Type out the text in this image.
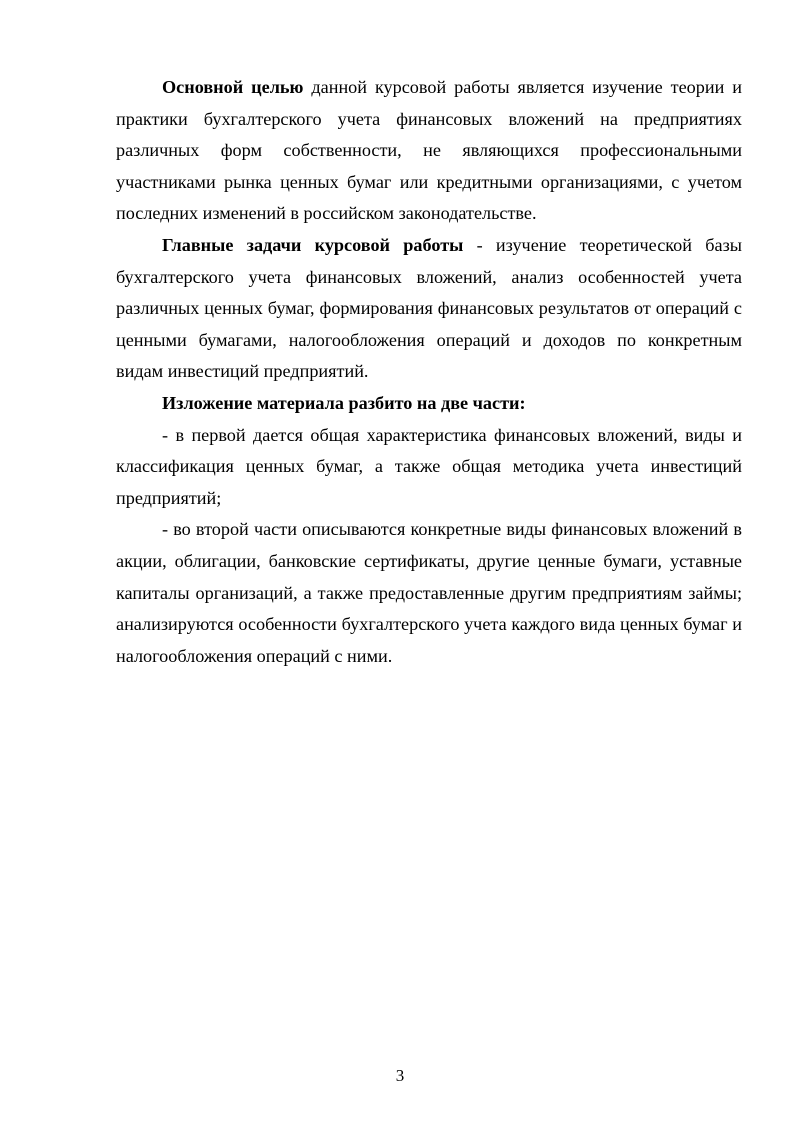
Основной целью данной курсовой работы является изучение теории и практики бухгалтерского учета финансовых вложений на предприятиях различных форм собственности, не являющихся профессиональными участниками рынка ценных бумаг или кредитными организациями, с учетом последних изменений в российском законодательстве.

Главные задачи курсовой работы - изучение теоретической базы бухгалтерского учета финансовых вложений, анализ особенностей учета различных ценных бумаг, формирования финансовых результатов от операций с ценными бумагами, налогообложения операций и доходов по конкретным видам инвестиций предприятий.

Изложение материала разбито на две части:

- в первой дается общая характеристика финансовых вложений, виды и классификация ценных бумаг, а также общая методика учета инвестиций предприятий;

- во второй части описываются конкретные виды финансовых вложений в акции, облигации, банковские сертификаты, другие ценные бумаги, уставные капиталы организаций, а также предоставленные другим предприятиям займы; анализируются особенности бухгалтерского учета каждого вида ценных бумаг и налогообложения операций с ними.

3
